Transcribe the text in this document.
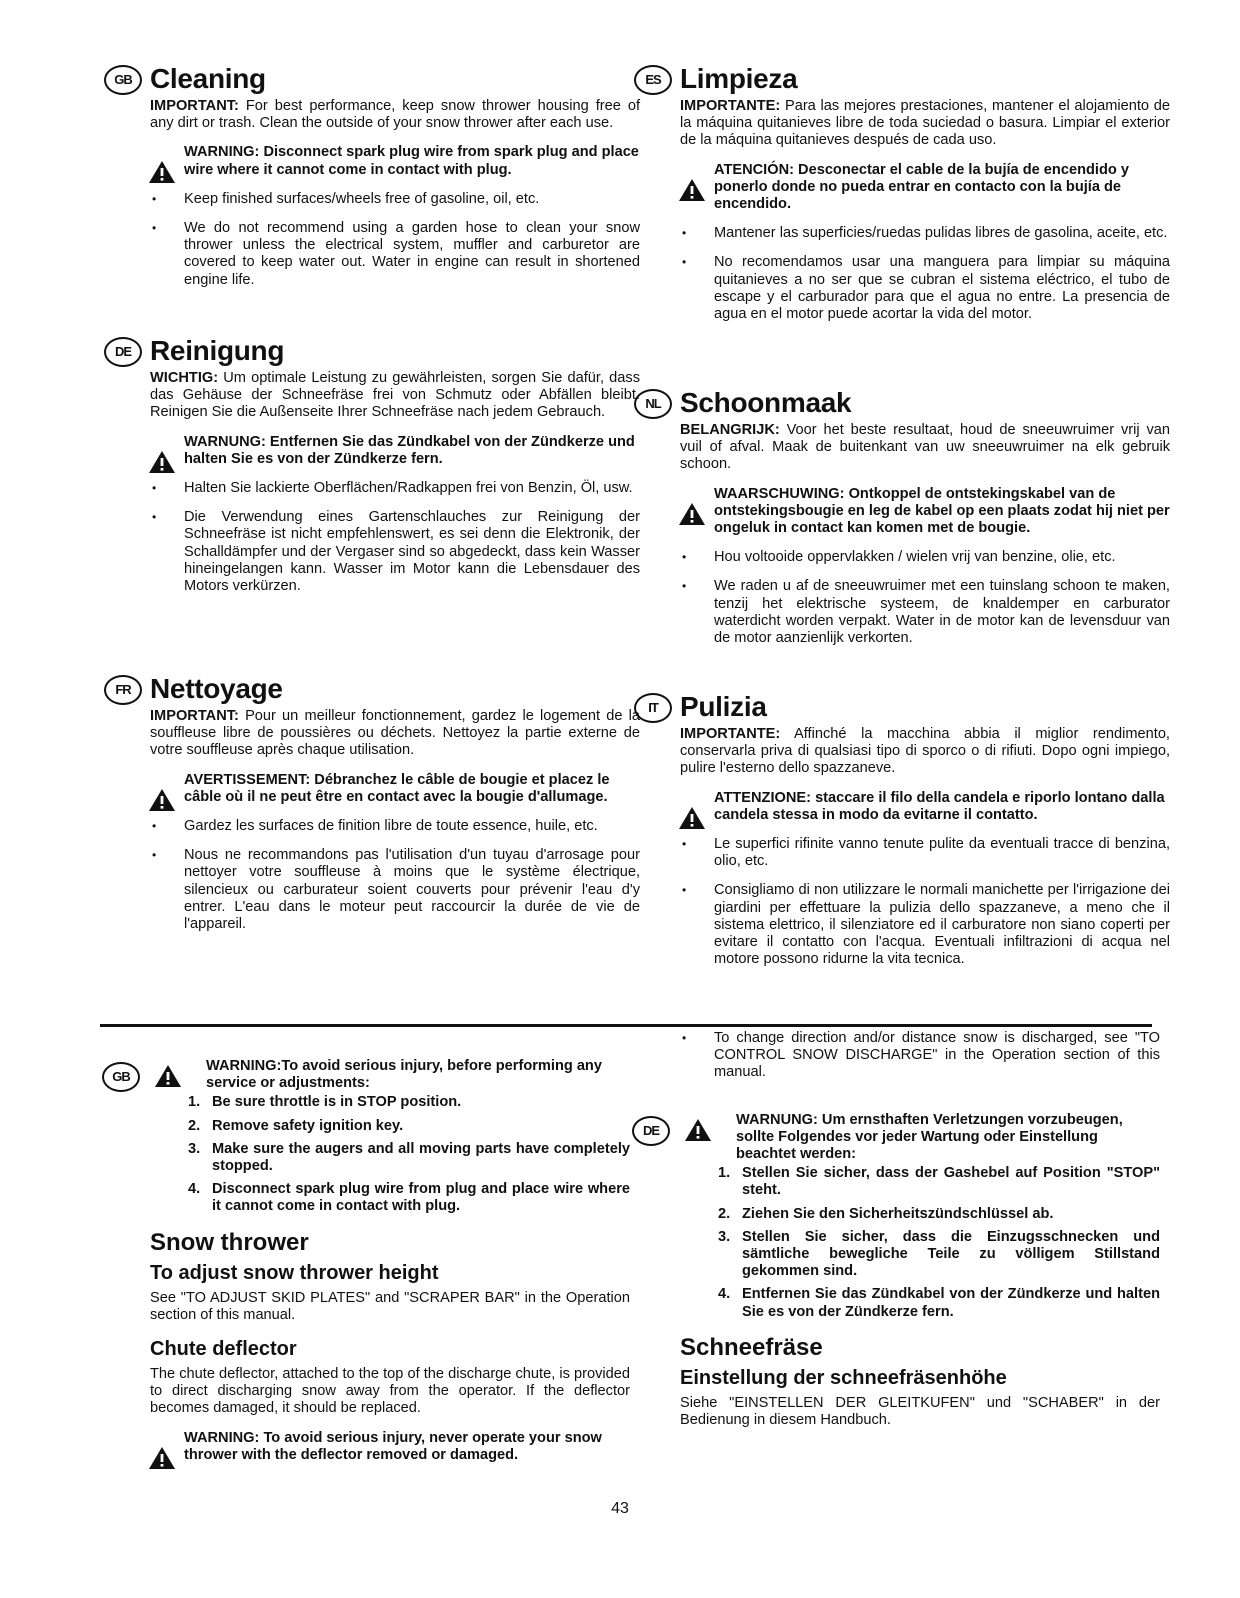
GB Cleaning

IMPORTANT: For best performance, keep snow thrower housing free of any dirt or trash. Clean the outside of your snow thrower after each use.

WARNING: Disconnect spark plug wire from spark plug and place wire where it cannot come in contact with plug.
• Keep finished surfaces/wheels free of gasoline, oil, etc.
• We do not recommend using a garden hose to clean your snow thrower unless the electrical system, muffler and carburetor are covered to keep water out. Water in engine can result in shortened engine life.
DE Reinigung

WICHTIG: Um optimale Leistung zu gewährleisten, sorgen Sie dafür, dass das Gehäuse der Schneefräse frei von Schmutz oder Abfällen bleibt. Reinigen Sie die Außenseite Ihrer Schneefräse nach jedem Gebrauch.

WARNUNG: Entfernen Sie das Zündkabel von der Zündkerze und halten Sie es von der Zündkerze fern.
• Halten Sie lackierte Oberflächen/Radkappen frei von Benzin, Öl, usw.
• Die Verwendung eines Gartenschlauches zur Reinigung der Schneefräse ist nicht empfehlenswert, es sei denn die Elektronik, der Schalldämpfer und der Vergaser sind so abgedeckt, dass kein Wasser hineingelangen kann. Wasser im Motor kann die Lebensdauer des Motors verkürzen.
FR Nettoyage

IMPORTANT: Pour un meilleur fonctionnement, gardez le logement de la souffleuse libre de poussières ou déchets. Nettoyez la partie externe de votre souffleuse après chaque utilisation.

AVERTISSEMENT: Débranchez le câble de bougie et placez le câble où il ne peut être en contact avec la bougie d'allumage.
• Gardez les surfaces de finition libre de toute essence, huile, etc.
• Nous ne recommandons pas l'utilisation d'un tuyau d'arrosage pour nettoyer votre souffleuse à moins que le système électrique, silencieux ou carburateur soient couverts pour prévenir l'eau d'y entrer. L'eau dans le moteur peut raccourcir la durée de vie de l'appareil.
ES Limpieza

IMPORTANTE: Para las mejores prestaciones, mantener el alojamiento de la máquina quitanieves libre de toda suciedad o basura. Limpiar el exterior de la máquina quitanieves después de cada uso.

ATENCIÓN: Desconectar el cable de la bujía de encendido y ponerlo donde no pueda entrar en contacto con la bujía de encendido.
• Mantener las superficies/ruedas pulidas libres de gasolina, aceite, etc.
• No recomendamos usar una manguera para limpiar su máquina quitanieves a no ser que se cubran el sistema eléctrico, el tubo de escape y el carburador para que el agua no entre. La presencia de agua en el motor puede acortar la vida del motor.
NL Schoonmaak

BELANGRIJK: Voor het beste resultaat, houd de sneeuwruimer vrij van vuil of afval. Maak de buitenkant van uw sneeuwruimer na elk gebruik schoon.

WAARSCHUWING: Ontkoppel de ontstekingskabel van de ontstekingsbougie en leg de kabel op een plaats zodat hij niet per ongeluk in contact kan komen met de bougie.
• Hou voltooide oppervlakken / wielen vrij van benzine, olie, etc.
• We raden u af de sneeuwruimer met een tuinslang schoon te maken, tenzij het elektrische systeem, de knaldemper en carburator waterdicht worden verpakt. Water in de motor kan de levensduur van de motor aanzienlijk verkorten.
IT Pulizia

IMPORTANTE: Affinché la macchina abbia il miglior rendimento, conservarla priva di qualsiasi tipo di sporco o di rifiuti. Dopo ogni impiego, pulire l'esterno dello spazzaneve.

ATTENZIONE: staccare il filo della candela e riporlo lontano dalla candela stessa in modo da evitarne il contatto.
• Le superfici rifinite vanno tenute pulite da eventuali tracce di benzina, olio, etc.
• Consigliamo di non utilizzare le normali manichette per l'irrigazione dei giardini per effettuare la pulizia dello spazzaneve, a meno che il sistema elettrico, il silenziatore ed il carburatore non siano coperti per evitare il contatto con l'acqua. Eventuali infiltrazioni di acqua nel motore possono ridurne la vita tecnica.
GB
WARNING:To avoid serious injury, before performing any service or adjustments:
1. Be sure throttle is in STOP position.
2. Remove safety ignition key.
3. Make sure the augers and all moving parts have completely stopped.
4. Disconnect spark plug wire from plug and place wire where it cannot come in contact with plug.
Snow thrower
To adjust snow thrower height

See "TO ADJUST SKID PLATES" and "SCRAPER BAR" in the Operation section of this manual.

Chute deflector

The chute deflector, attached to the top of the discharge chute, is provided to direct discharging snow away from the operator. If the deflector becomes damaged, it should be replaced.

WARNING: To avoid serious injury, never operate your snow thrower with the deflector removed or damaged.
• To change direction and/or distance snow is discharged, see "TO CONTROL SNOW DISCHARGE" in the Operation section of this manual.
DE
WARNUNG: Um ernsthaften Verletzungen vorzubeugen, sollte Folgendes vor jeder Wartung oder Einstellung beachtet werden:
1. Stellen Sie sicher, dass der Gashebel auf Position "STOP" steht.
2. Ziehen Sie den Sicherheitszündschlüssel ab.
3. Stellen Sie sicher, dass die Einzugsschnecken und sämtliche bewegliche Teile zu völligem Stillstand gekommen sind.
4. Entfernen Sie das Zündkabel von der Zündkerze und halten Sie es von der Zündkerze fern.
Schneefräse
Einstellung der schneefräsenhöhe

Siehe "EINSTELLEN DER GLEITKUFEN" und "SCHABER" in der Bedienung in diesem Handbuch.

43
